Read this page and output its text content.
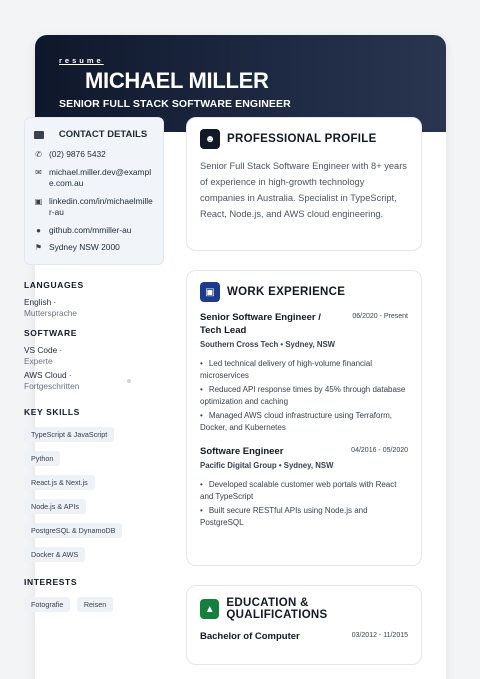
resume
MICHAEL MILLER
SENIOR FULL STACK SOFTWARE ENGINEER
CONTACT DETAILS
✆ (02) 9876 5432
✉ michael.miller.dev@example.com.au
▣ linkedin.com/in/michaelmiller-au
● github.com/mmiller-au
⚑ Sydney NSW 2000
LANGUAGES
English ·
Muttersprache
SOFTWARE
VS Code ·
Experte
AWS Cloud ·
Fortgeschritten
KEY SKILLS
TypeScript & JavaScript
Python
React.js & Next.js
Node.js & APIs
PostgreSQL & DynamoDB
Docker & AWS
INTERESTS
Fotografie	Reisen
☻	PROFESSIONAL PROFILE
Senior Full Stack Software Engineer with 8+ years of experience in high-growth technology companies in Australia. Specialist in TypeScript, React, Node.js, and AWS cloud engineering.
▣	WORK EXPERIENCE
Senior Software Engineer / Tech Lead
06/2020 - Present
Southern Cross Tech • Sydney, NSW
• Led technical delivery of high-volume financial microservices
• Reduced API response times by 45% through database optimization and caching
• Managed AWS cloud infrastructure using Terraform, Docker, and Kubernetes
Software Engineer	04/2016 - 05/2020
Pacific Digital Group • Sydney, NSW
• Developed scalable customer web portals with React and TypeScript
• Built secure RESTful APIs using Node.js and PostgreSQL
▲	EDUCATION & QUALIFICATIONS
Bachelor of Computer	03/2012 - 11/2015
